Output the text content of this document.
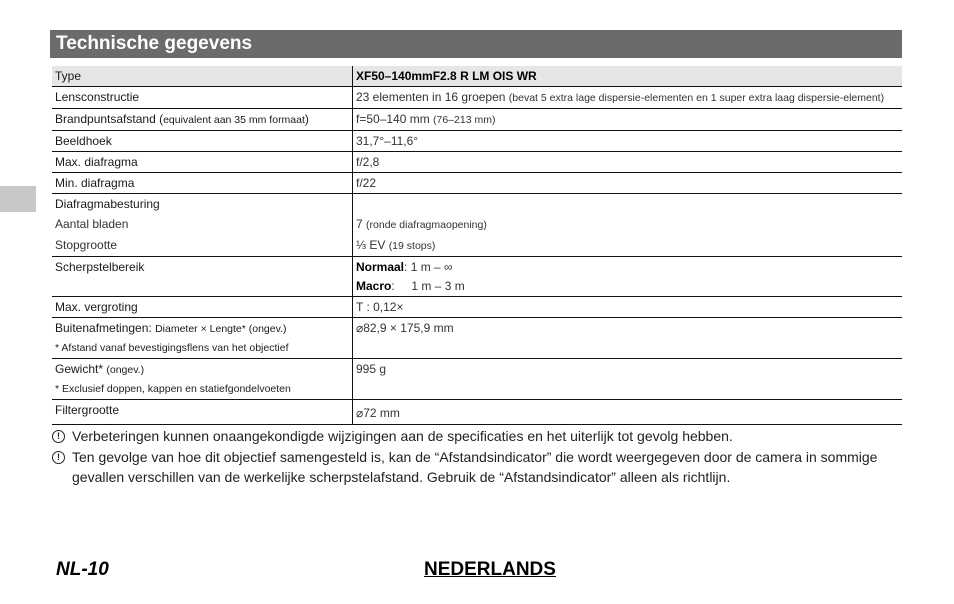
Technische gegevens
Type	XF50–140mmF2.8 R LM OIS WR
Lensconstructie	23 elementen in 16 groepen (bevat 5 extra lage dispersie-elementen en 1 super extra laag dispersie-element)
Brandpuntsafstand (equivalent aan 35 mm formaat)	f=50–140 mm (76–213 mm)
Beeldhoek	31,7°–11,6°
Max. diafragma	f/2,8
Min. diafragma	f/22
Diafragmabesturing	
Aantal bladen	7 (ronde diafragmaopening)
Stopgrootte	⅓ EV (19 stops)
Scherpstelbereik	Normaal: 1 m – ∞
Macro:     1 m – 3 m

Max. vergroting	T : 0,12×

Buitenafmetingen: Diameter × Lengte* (ongev.)
* Afstand vanaf bevestigingsflens van het objectief	⌀82,9 × 175,9 mm

Gewicht* (ongev.)
* Exclusief doppen, kappen en statiefgondelvoeten	995 g
Filtergrootte	⌀72 mm
! Verbeteringen kunnen onaangekondigde wijzigingen aan de specificaties en het uiterlijk tot gevolg hebben.
! Ten gevolge van hoe dit objectief samengesteld is, kan de “Afstandsindicator” die wordt weergegeven door de camera in sommige gevallen verschillen van de werkelijke scherpstelafstand. Gebruik de “Afstandsindicator” alleen als richtlijn.
NL-10	NEDERLANDS
